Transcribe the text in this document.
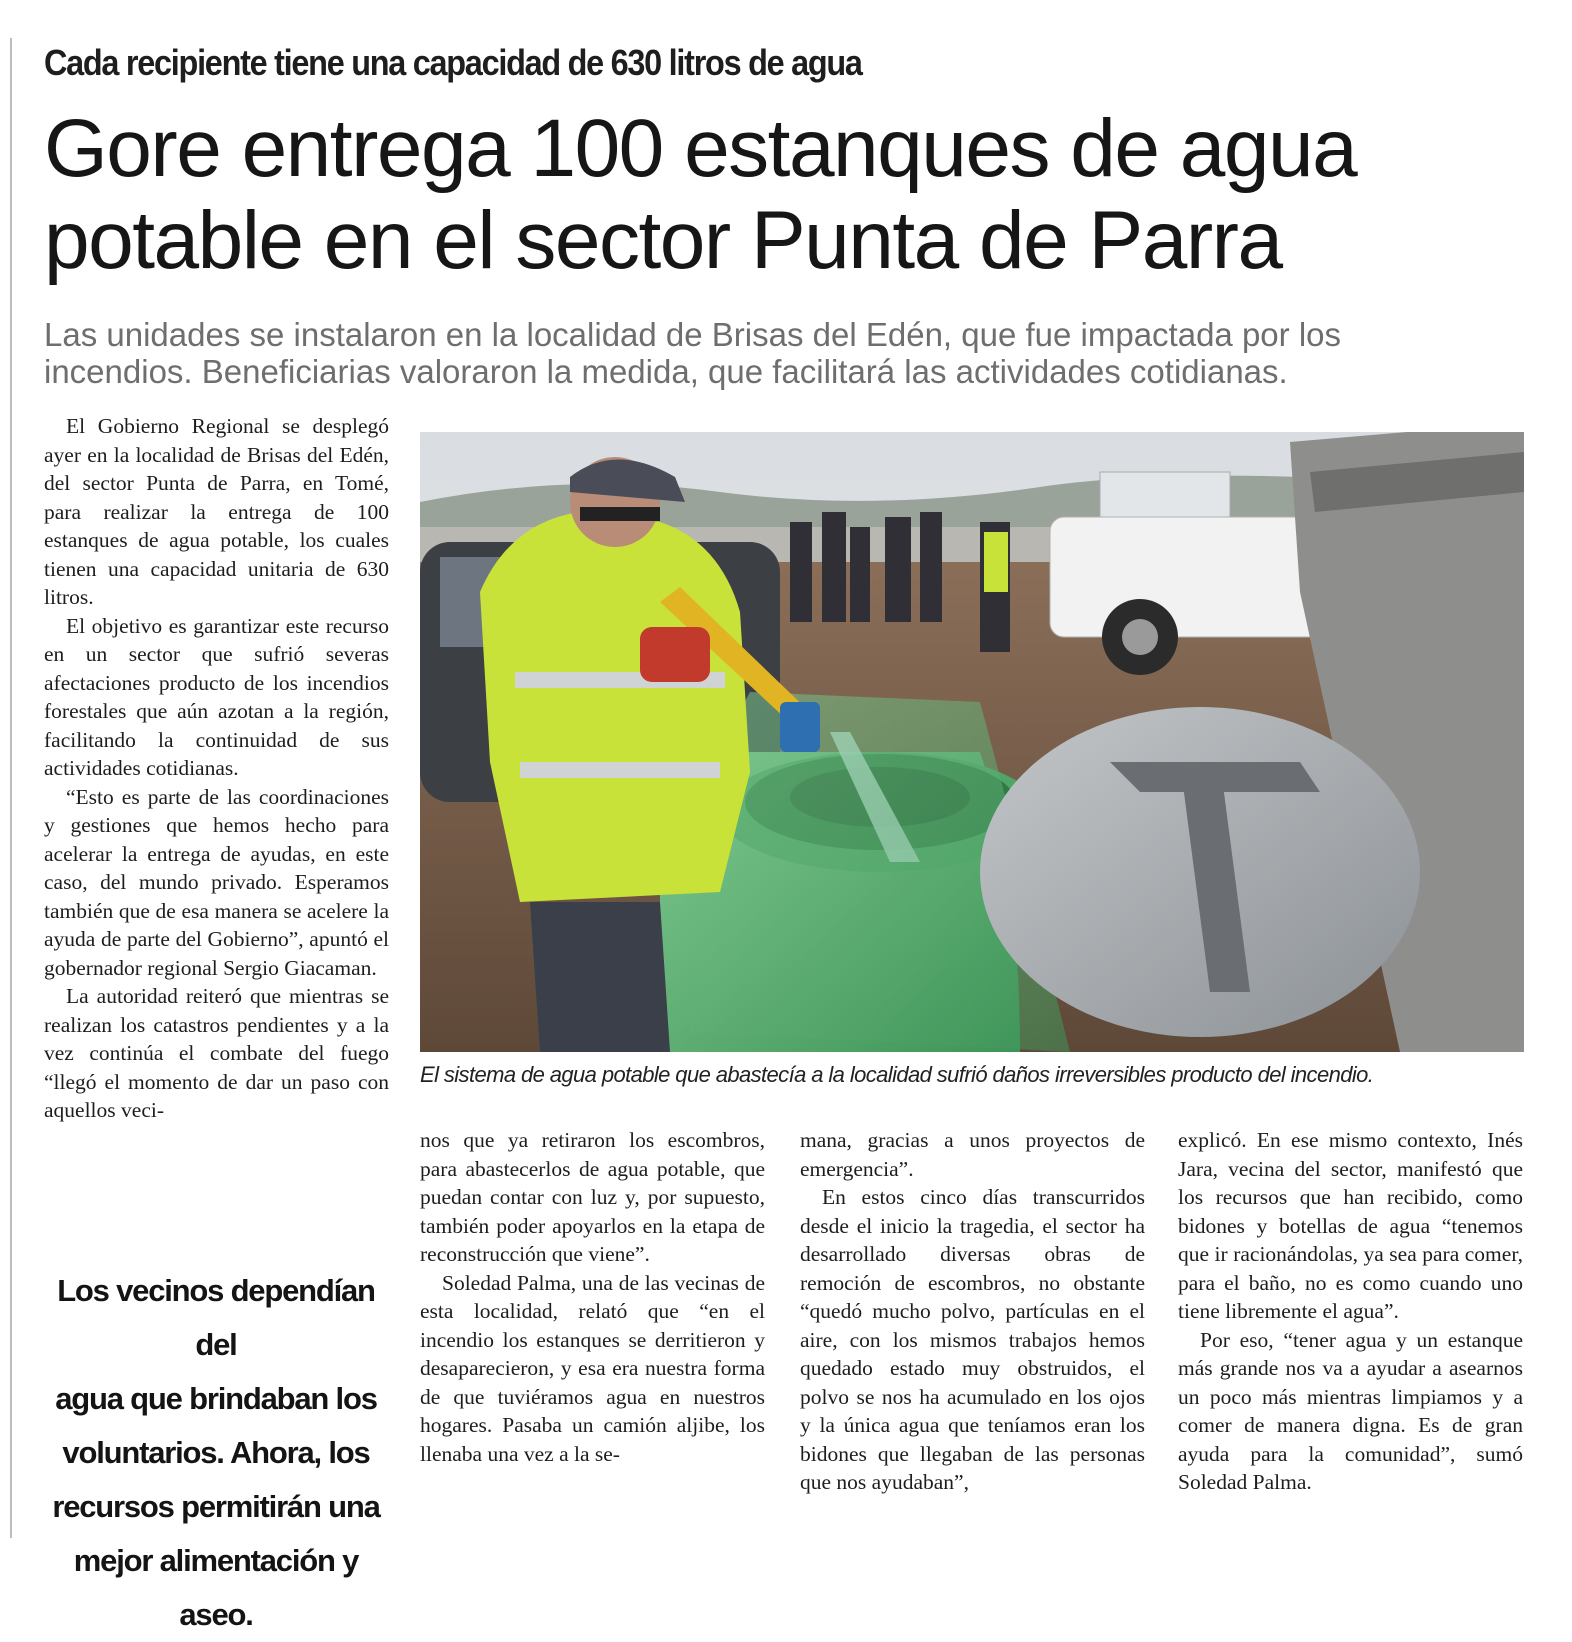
Cada recipiente tiene una capacidad de 630 litros de agua
Gore entrega 100 estanques de agua
potable en el sector Punta de Parra
Las unidades se instalaron en la localidad de Brisas del Edén, que fue impactada por los
incendios. Beneficiarias valoraron la medida, que facilitará las actividades cotidianas.

El Gobierno Regional se desplegó ayer en la localidad de Brisas del Edén, del sector Punta de Parra, en Tomé, para realizar la entrega de 100 estanques de agua potable, los cuales tienen una capacidad unitaria de 630 litros.

El objetivo es garantizar este recurso en un sector que sufrió severas afectaciones producto de los incendios forestales que aún azotan a la región, facilitando la continuidad de sus actividades cotidianas.

“Esto es parte de las coordinaciones y gestiones que hemos hecho para acelerar la entrega de ayudas, en este caso, del mundo privado. Esperamos también que de esa manera se acelere la ayuda de parte del Gobierno”, apuntó el gobernador regional Sergio Giacaman.

La autoridad reiteró que mientras se realizan los catastros pendientes y a la vez continúa el combate del fuego “llegó el momento de dar un paso con aquellos veci-

El sistema de agua potable que abastecía a la localidad sufrió daños irreversibles producto del incendio.
Los vecinos dependían del
agua que brindaban los
voluntarios. Ahora, los
recursos permitirán una
mejor alimentación y aseo.

nos que ya retiraron los escombros, para abastecerlos de agua potable, que puedan contar con luz y, por supuesto, también poder apoyarlos en la etapa de reconstrucción que viene”.

Soledad Palma, una de las vecinas de esta localidad, relató que “en el incendio los estanques se derritieron y desaparecieron, y esa era nuestra forma de que tuviéramos agua en nuestros hogares. Pasaba un camión aljibe, los llenaba una vez a la se-

mana, gracias a unos proyectos de emergencia”.

En estos cinco días transcurridos desde el inicio la tragedia, el sector ha desarrollado diversas obras de remoción de escombros, no obstante “quedó mucho polvo, partículas en el aire, con los mismos trabajos hemos quedado estado muy obstruidos, el polvo se nos ha acumulado en los ojos y la única agua que teníamos eran los bidones que llegaban de las personas que nos ayudaban”,

explicó. En ese mismo contexto, Inés Jara, vecina del sector, manifestó que los recursos que han recibido, como bidones y botellas de agua “tenemos que ir racionándolas, ya sea para comer, para el baño, no es como cuando uno tiene libremente el agua”.

Por eso, “tener agua y un estanque más grande nos va a ayudar a asearnos un poco más mientras limpiamos y a comer de manera digna. Es de gran ayuda para la comunidad”, sumó Soledad Palma.
